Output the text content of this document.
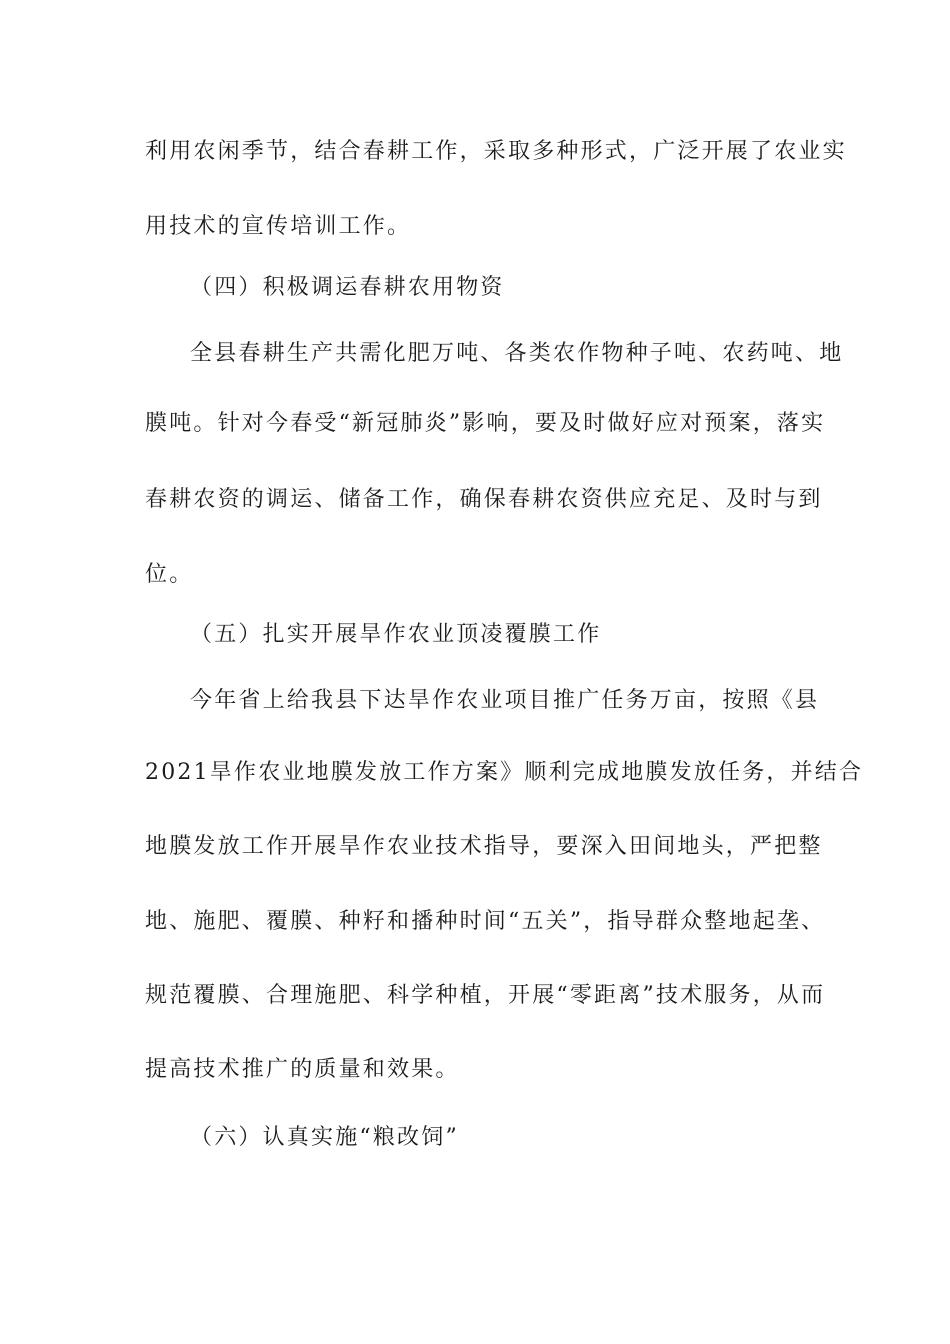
利用农闲季节，结合春耕工作，采取多种形式，广泛开展了农业实
用技术的宣传培训工作。
（四）积极调运春耕农用物资
全县春耕生产共需化肥万吨、各类农作物种子吨、农药吨、地
膜吨。针对今春受“新冠肺炎”影响，要及时做好应对预案，落实
春耕农资的调运、储备工作，确保春耕农资供应充足、及时与到
位。
（五）扎实开展旱作农业顶凌覆膜工作
今年省上给我县下达旱作农业项目推广任务万亩，按照《县
2021旱作农业地膜发放工作方案》顺利完成地膜发放任务，并结合
地膜发放工作开展旱作农业技术指导，要深入田间地头，严把整
地、施肥、覆膜、种籽和播种时间“五关”，指导群众整地起垄、
规范覆膜、合理施肥、科学种植，开展“零距离”技术服务，从而
提高技术推广的质量和效果。
（六）认真实施“粮改饲”
